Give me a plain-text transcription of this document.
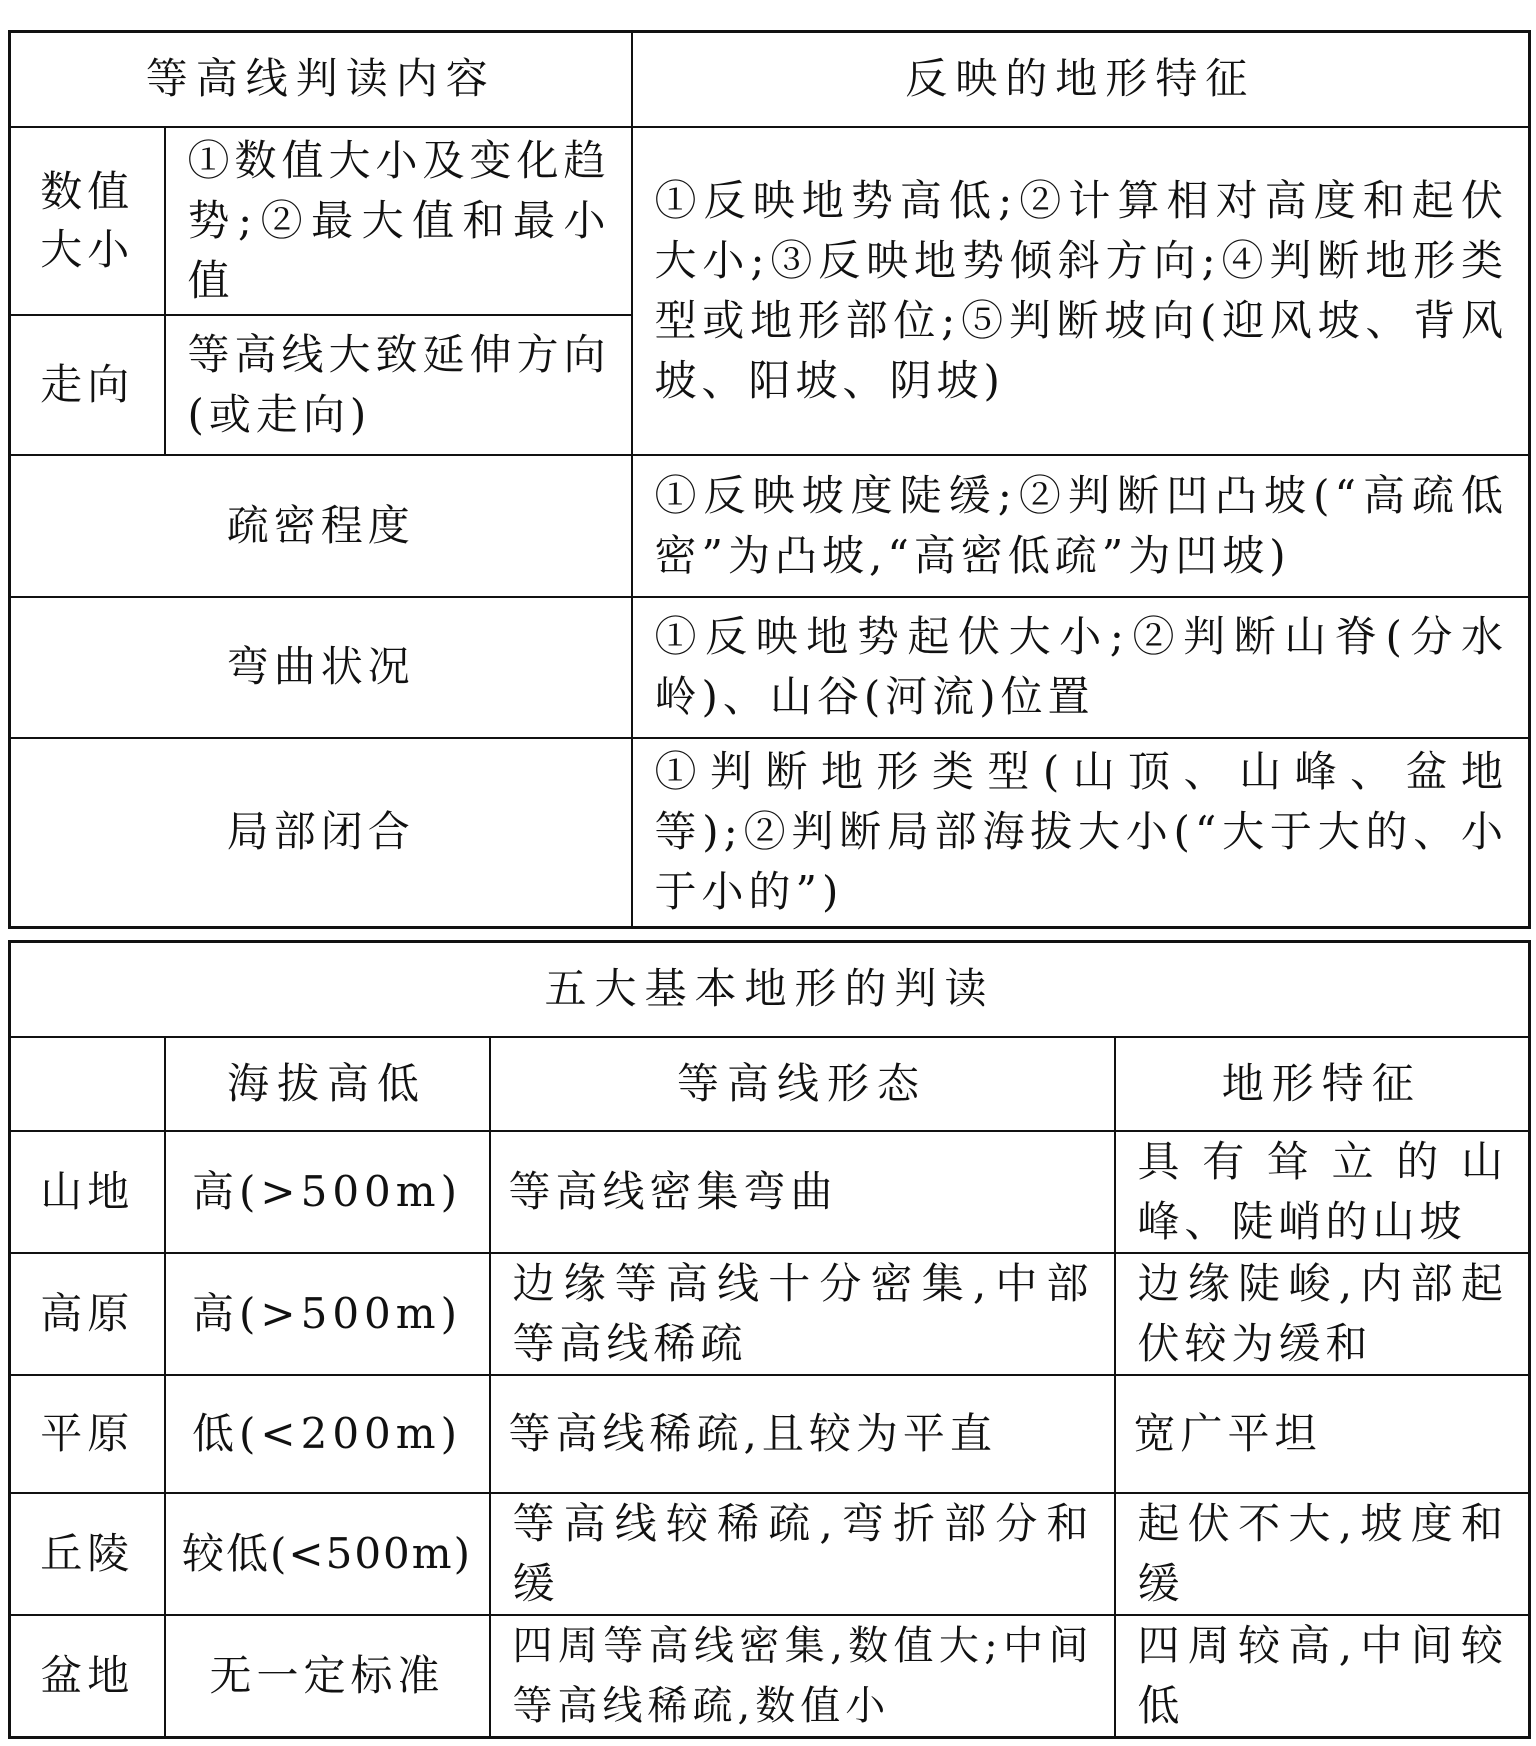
等高线判读内容		反映的地形特征
数值大小	①数值大小及变化趋势;②最大值和最小值	①反映地势高低;②计算相对高度和起伏大小;③反映地势倾斜方向;④判断地形类型或地形部位;⑤判断坡向(迎风坡、背风坡、阳坡、阴坡)
走向	等高线大致延伸方向(或走向)	
疏密程度		①反映坡度陡缓;②判断凹凸坡(“高疏低密”为凸坡,“高密低疏”为凹坡)
弯曲状况		①反映地势起伏大小;②判断山脊(分水岭)、山谷(河流)位置
局部闭合		①判断地形类型(山顶、山峰、盆地等);②判断局部海拔大小(“大于大的、小于小的”)
五大基本地形的判读			
	海拔高低	等高线形态	地形特征
山地	高(>500m)	等高线密集弯曲	具有耸立的山峰、陡峭的山坡
高原	高(>500m)	边缘等高线十分密集,中部等高线稀疏	边缘陡峻,内部起伏较为缓和
平原	低(<200m)	等高线稀疏,且较为平直	宽广平坦
丘陵	较低(<500m)	等高线较稀疏,弯折部分和缓	起伏不大,坡度和缓
盆地	无一定标准	四周等高线密集,数值大;中间等高线稀疏,数值小	四周较高,中间较低
